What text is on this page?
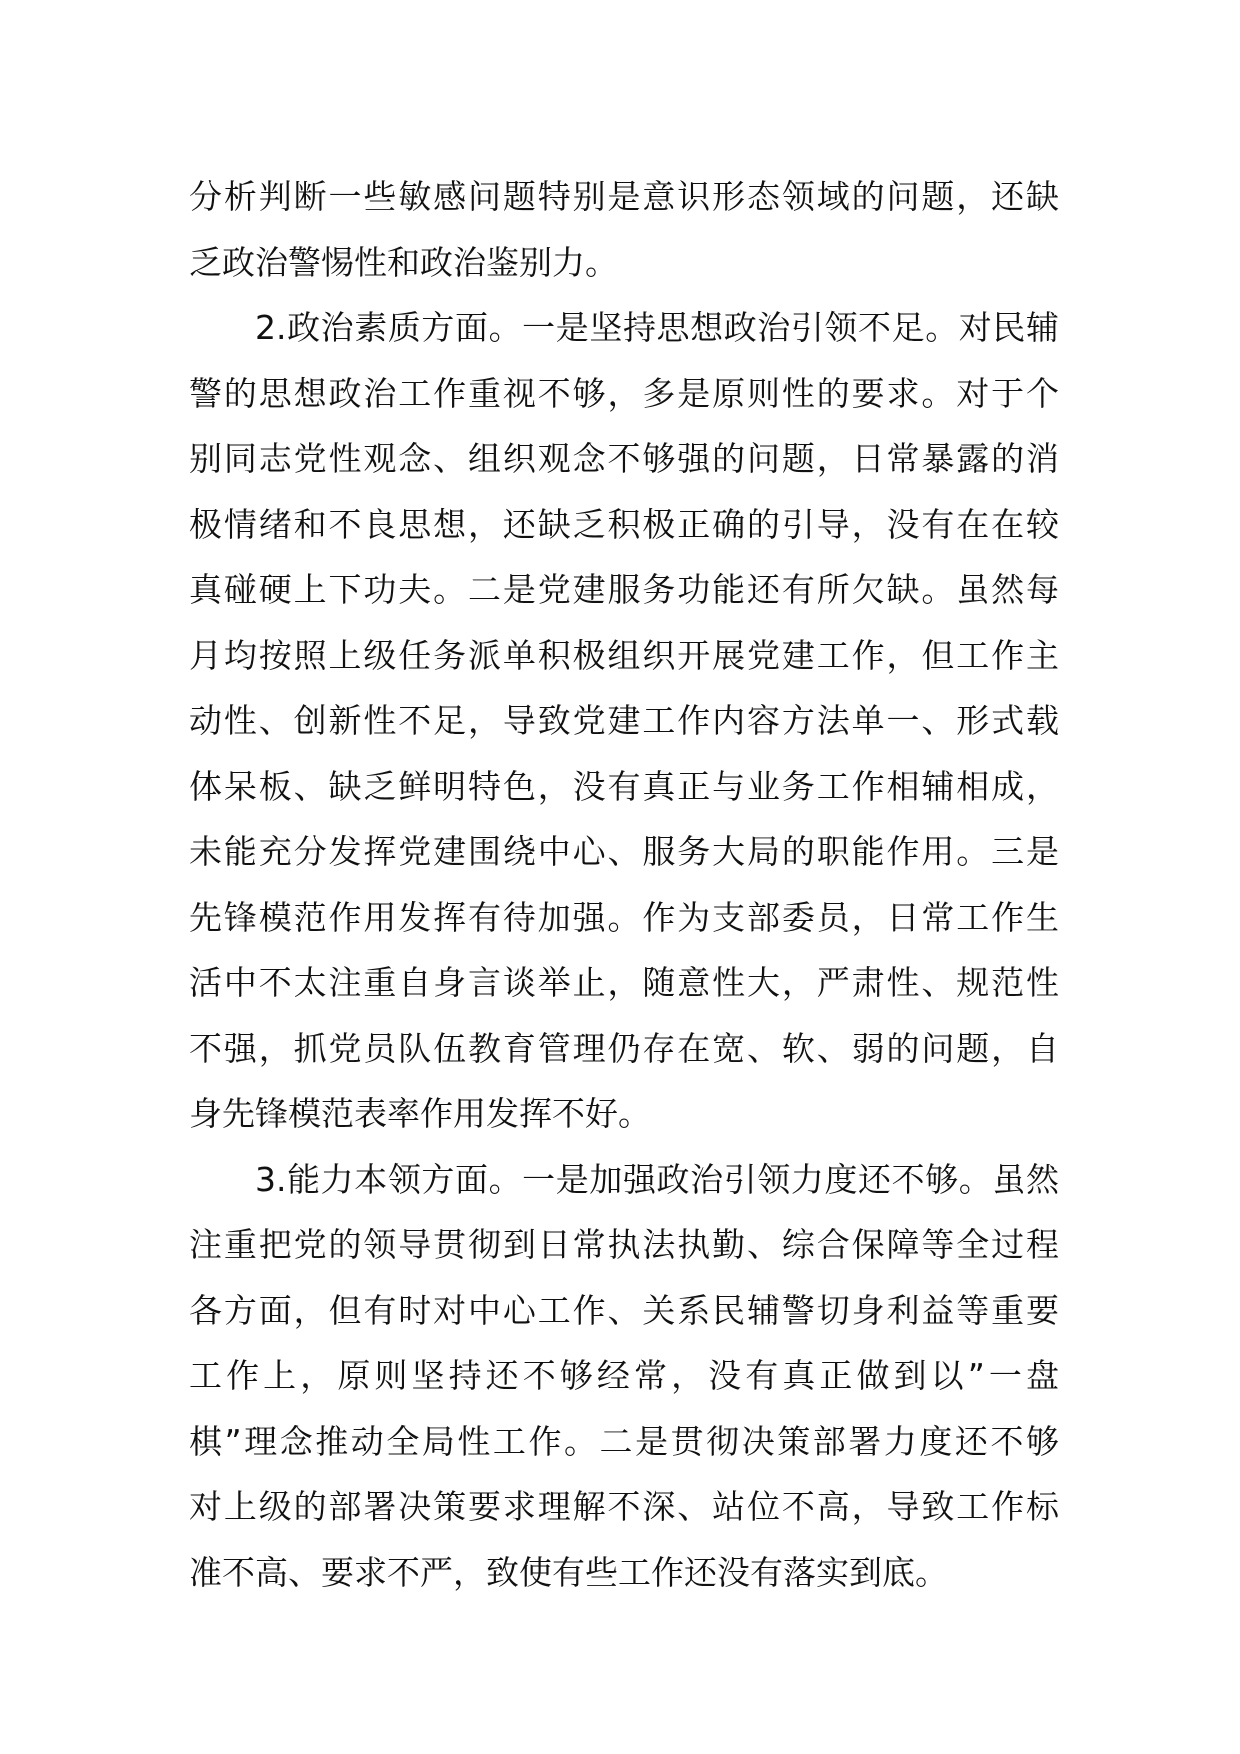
分析判断一些敏感问题特别是意识形态领域的问题，还缺
乏政治警惕性和政治鉴别力。
2.政治素质方面。一是坚持思想政治引领不足。对民辅
警的思想政治工作重视不够，多是原则性的要求。对于个
别同志党性观念、组织观念不够强的问题，日常暴露的消
极情绪和不良思想，还缺乏积极正确的引导，没有在在较
真碰硬上下功夫。二是党建服务功能还有所欠缺。虽然每
月均按照上级任务派单积极组织开展党建工作，但工作主
动性、创新性不足，导致党建工作内容方法单一、形式载
体呆板、缺乏鲜明特色，没有真正与业务工作相辅相成，
未能充分发挥党建围绕中心、服务大局的职能作用。三是
先锋模范作用发挥有待加强。作为支部委员，日常工作生
活中不太注重自身言谈举止，随意性大，严肃性、规范性
不强，抓党员队伍教育管理仍存在宽、软、弱的问题，自
身先锋模范表率作用发挥不好。
3.能力本领方面。一是加强政治引领力度还不够。虽然
注重把党的领导贯彻到日常执法执勤、综合保障等全过程
各方面，但有时对中心工作、关系民辅警切身利益等重要
工作上，原则坚持还不够经常，没有真正做到以”一盘
棋”理念推动全局性工作。二是贯彻决策部署力度还不够
对上级的部署决策要求理解不深、站位不高，导致工作标
准不高、要求不严，致使有些工作还没有落实到底。
